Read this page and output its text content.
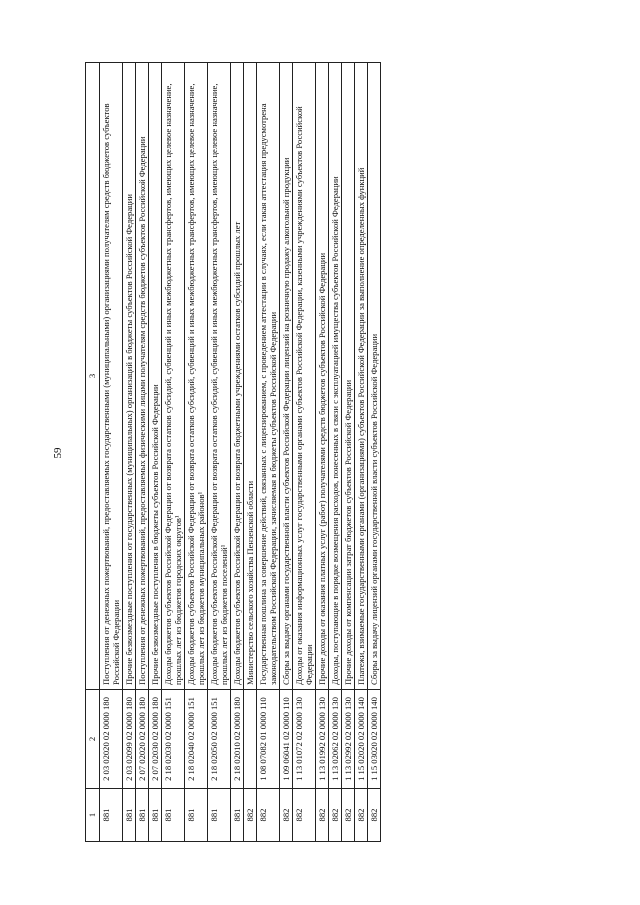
59
1	2	3
881	2 03 02020 02 0000 180	Поступления от денежных пожертвований, предоставляемых государственными (муниципальными) организациями получателям средств бюджетов субъектов Российской Федерации
881	2 03 02099 02 0000 180	Прочие безвозмездные поступления от государственных (муниципальных) организаций в бюджеты субъектов Российской Федерации
881	2 07 02020 02 0000 180	Поступления от денежных пожертвований, предоставляемых физическими лицами получателям средств бюджетов субъектов Российской Федерации
881	2 07 02030 02 0000 180	Прочие безвозмездные поступления в бюджеты субъектов Российской Федерации
881	2 18 02030 02 0000 151	Доходы бюджетов субъектов Российской Федерации от возврата остатков субсидий, субвенций и иных межбюджетных трансфертов, имеющих целевое назначение, прошлых лет из бюджетов городских округов¹
881	2 18 02040 02 0000 151	Доходы бюджетов субъектов Российской Федерации от возврата остатков субсидий, субвенций и иных межбюджетных трансфертов, имеющих целевое назначение, прошлых лет из бюджетов муниципальных районов¹
881	2 18 02050 02 0000 151	Доходы бюджетов субъектов Российской Федерации от возврата остатков субсидий, субвенций и иных межбюджетных трансфертов, имеющих целевое назначение, прошлых лет из бюджетов поселений¹
881	2 18 02010 02 0000 180	Доходы бюджетов субъектов Российской Федерации от возврата бюджетными учреждениями остатков субсидий прошлых лет
882		Министерство сельского хозяйства Пензенской области
882	1 08 07082 01 0000 110	Государственная пошлина за совершение действий, связанных с лицензированием, с проведением аттестации в случаях, если такая аттестация предусмотрена законодательством Российской Федерации, зачисляемая в бюджеты субъектов Российской Федерации
882	1 09 06041 02 0000 110	Сборы за выдачу органами государственной власти субъектов Российской Федерации лицензий на розничную продажу алкогольной продукции
882	1 13 01072 02 0000 130	Доходы от оказания информационных услуг государственными органами субъектов Российской Федерации, казенными учреждениями субъектов Российской Федерации
882	1 13 01992 02 0000 130	Прочие доходы от оказания платных услуг (работ) получателями средств бюджетов субъектов Российской Федерации
882	1 13 02062 02 0000 130	Доходы, поступающие в порядке возмещения расходов, понесенных в связи с эксплуатацией имущества субъектов Российской Федерации
882	1 13 02992 02 0000 130	Прочие доходы от компенсации затрат бюджетов субъектов Российской Федерации
882	1 15 02020 02 0000 140	Платежи, взимаемые государственными органами (организациями) субъектов Российской Федерации за выполнение определенных функций
882	1 15 03020 02 0000 140	Сборы за выдачу лицензий органами государственной власти субъектов Российской Федерации
